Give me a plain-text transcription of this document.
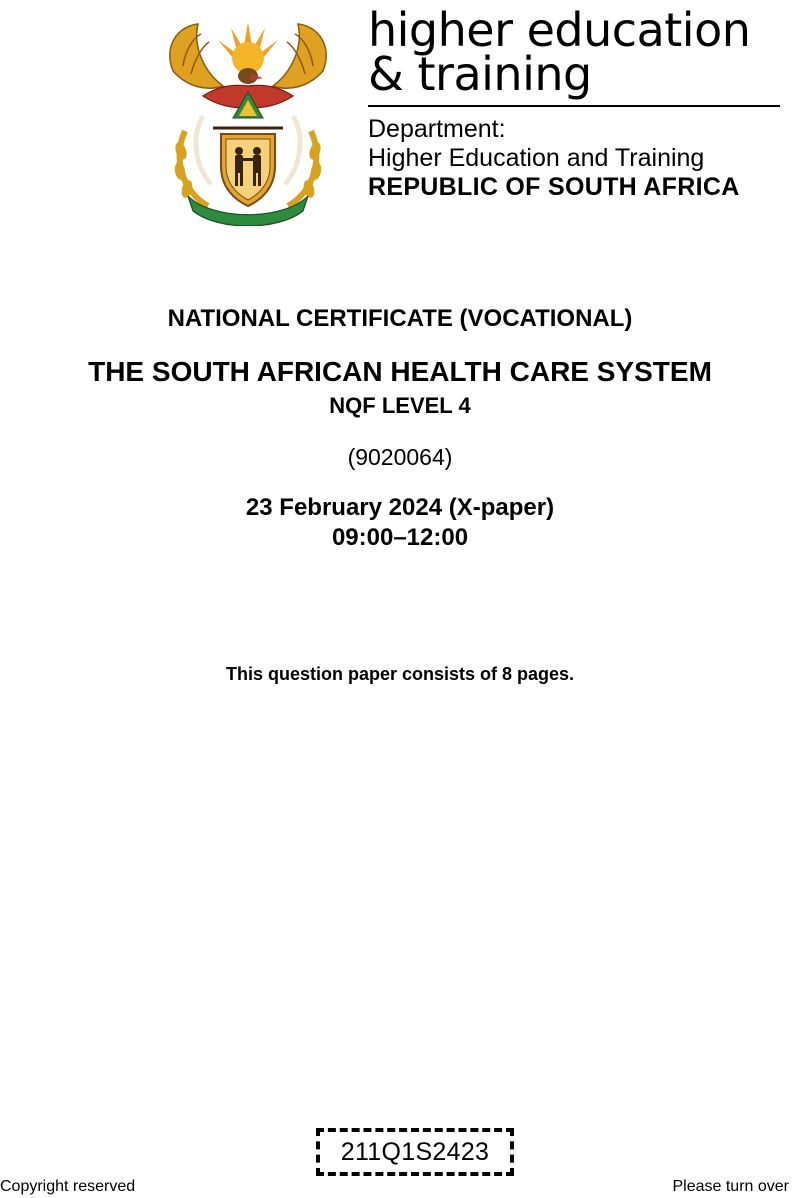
higher education
& training
Department:
Higher Education and Training
REPUBLIC OF SOUTH AFRICA
NATIONAL CERTIFICATE (VOCATIONAL)
THE SOUTH AFRICAN HEALTH CARE SYSTEM
NQF LEVEL 4
(9020064)
23 February 2024 (X-paper)
09:00–12:00
This question paper consists of 8 pages.
211Q1S2423
Copyright reserved	Please turn over
